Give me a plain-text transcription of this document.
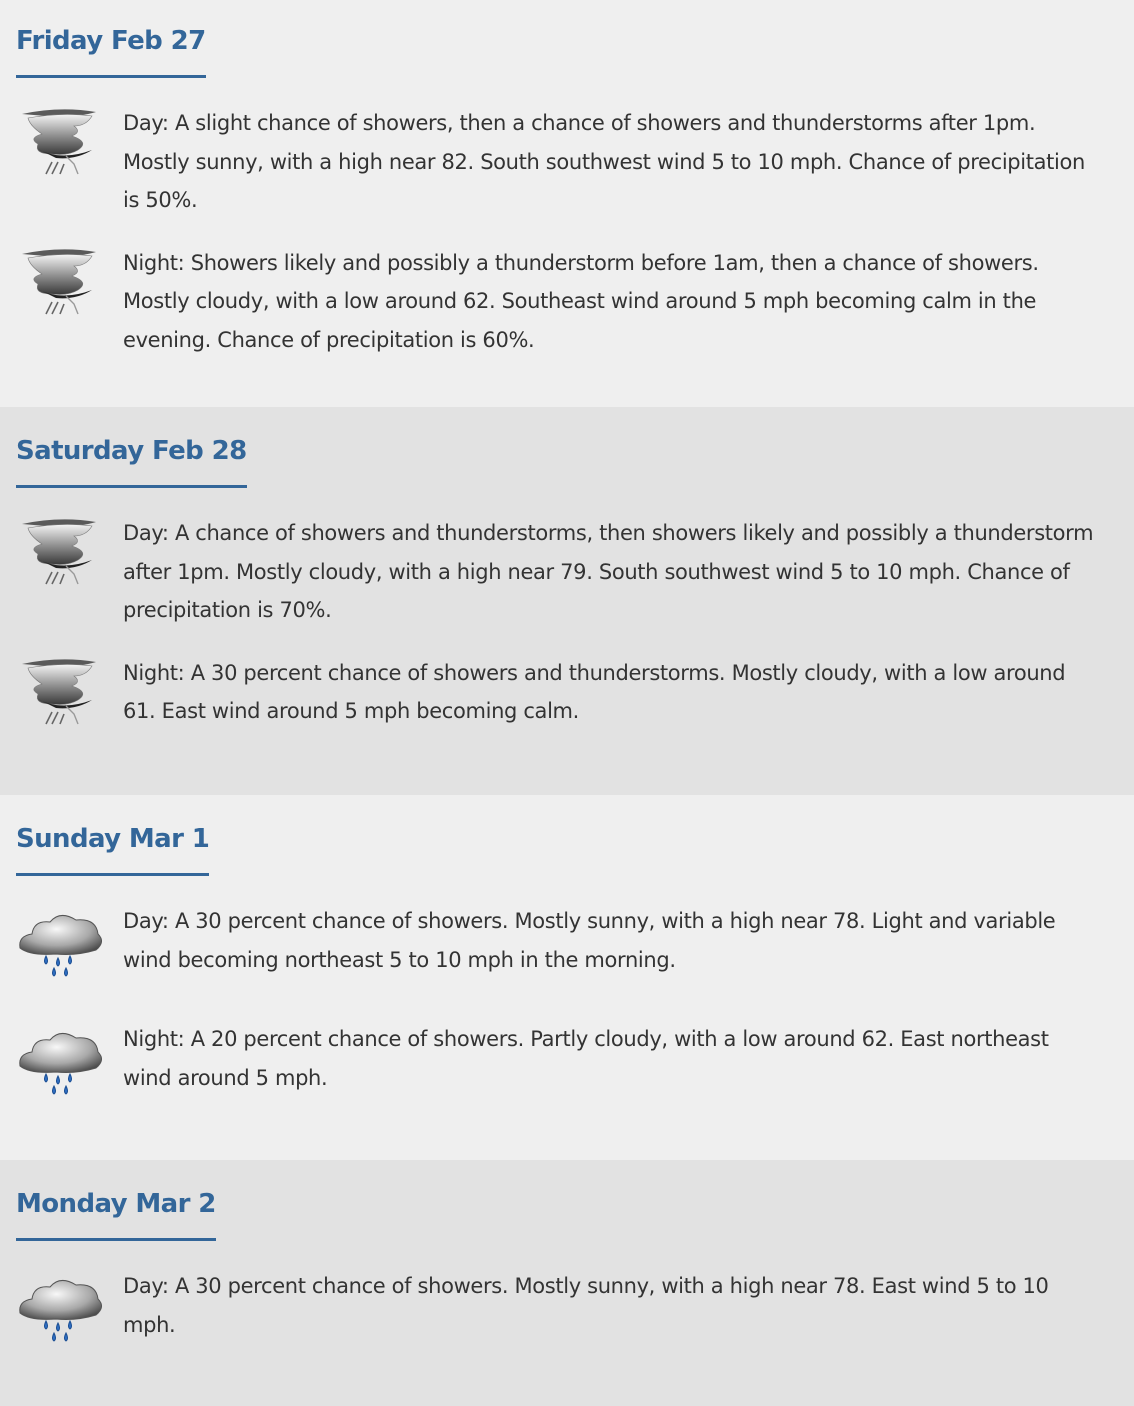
Friday Feb 27
Day: A slight chance of showers, then a chance of showers and thunderstorms after 1pm. Mostly sunny, with a high near 82. South southwest wind 5 to 10 mph. Chance of precipitation is 50%.
Night: Showers likely and possibly a thunderstorm before 1am, then a chance of showers. Mostly cloudy, with a low around 62. Southeast wind around 5 mph becoming calm in the evening. Chance of precipitation is 60%.
Saturday Feb 28
Day: A chance of showers and thunderstorms, then showers likely and possibly a thunderstorm after 1pm. Mostly cloudy, with a high near 79. South southwest wind 5 to 10 mph. Chance of precipitation is 70%.
Night: A 30 percent chance of showers and thunderstorms. Mostly cloudy, with a low around 61. East wind around 5 mph becoming calm.
Sunday Mar 1
Day: A 30 percent chance of showers. Mostly sunny, with a high near 78. Light and variable wind becoming northeast 5 to 10 mph in the morning.
Night: A 20 percent chance of showers. Partly cloudy, with a low around 62. East northeast wind around 5 mph.
Monday Mar 2
Day: A 30 percent chance of showers. Mostly sunny, with a high near 78. East wind 5 to 10 mph.
